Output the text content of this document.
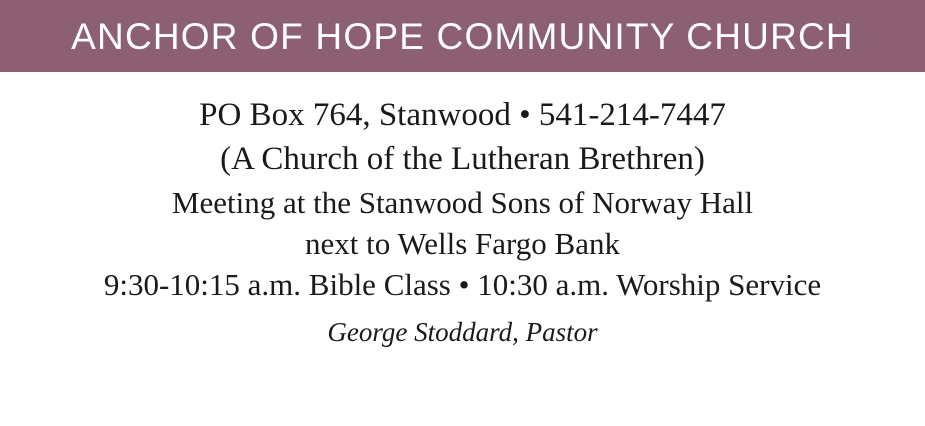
ANCHOR OF HOPE COMMUNITY CHURCH
PO Box 764, Stanwood • 541-214-7447
(A Church of the Lutheran Brethren)
Meeting at the Stanwood Sons of Norway Hall
next to Wells Fargo Bank
9:30-10:15 a.m. Bible Class • 10:30 a.m. Worship Service
George Stoddard, Pastor
